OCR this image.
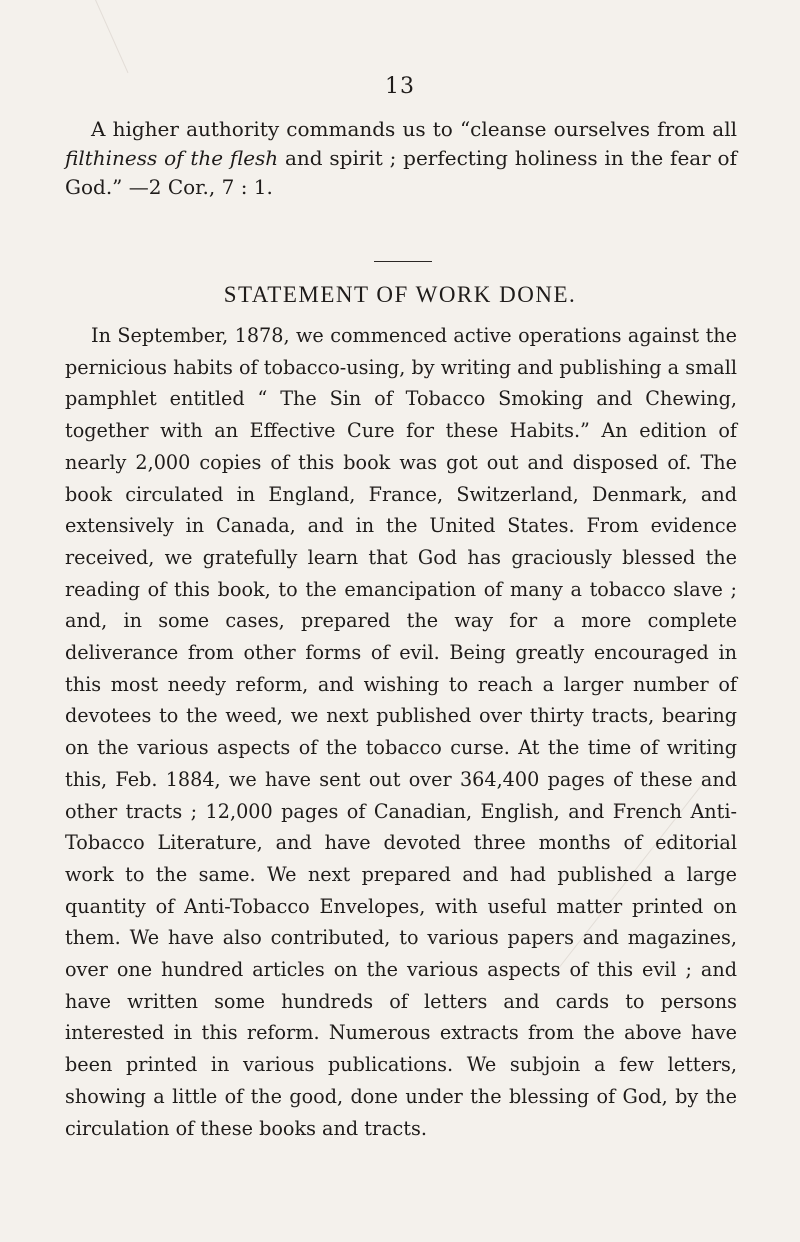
13

A higher authority commands us to “cleanse ourselves from all filthiness of the flesh and spirit ; perfecting holiness in the fear of God.” —2 Cor., 7 : 1.

STATEMENT OF WORK DONE.

In September, 1878, we commenced active operations against the pernicious habits of tobacco-using, by writing and publishing a small pamphlet entitled “ The Sin of Tobacco Smoking and Chewing, together with an Effective Cure for these Habits.” An edition of nearly 2,000 copies of this book was got out and disposed of. The book circulated in England, France, Switzerland, Denmark, and extensively in Canada, and in the United States. From evidence received, we gratefully learn that God has graciously blessed the reading of this book, to the emancipation of many a tobacco slave ; and, in some cases, prepared the way for a more complete deliverance from other forms of evil. Being greatly encouraged in this most needy reform, and wishing to reach a larger number of devotees to the weed, we next published over thirty tracts, bearing on the various aspects of the tobacco curse. At the time of writing this, Feb. 1884, we have sent out over 364,400 pages of these and other tracts ; 12,000 pages of Canadian, English, and French Anti-Tobacco Literature, and have devoted three months of editorial work to the same. We next prepared and had published a large quantity of Anti-Tobacco Envelopes, with useful matter printed on them. We have also contributed, to various papers and magazines, over one hundred articles on the various aspects of this evil ; and have written some hundreds of letters and cards to persons interested in this reform. Numerous extracts from the above have been printed in various publications. We subjoin a few letters, showing a little of the good, done under the blessing of God, by the circulation of these books and tracts.
